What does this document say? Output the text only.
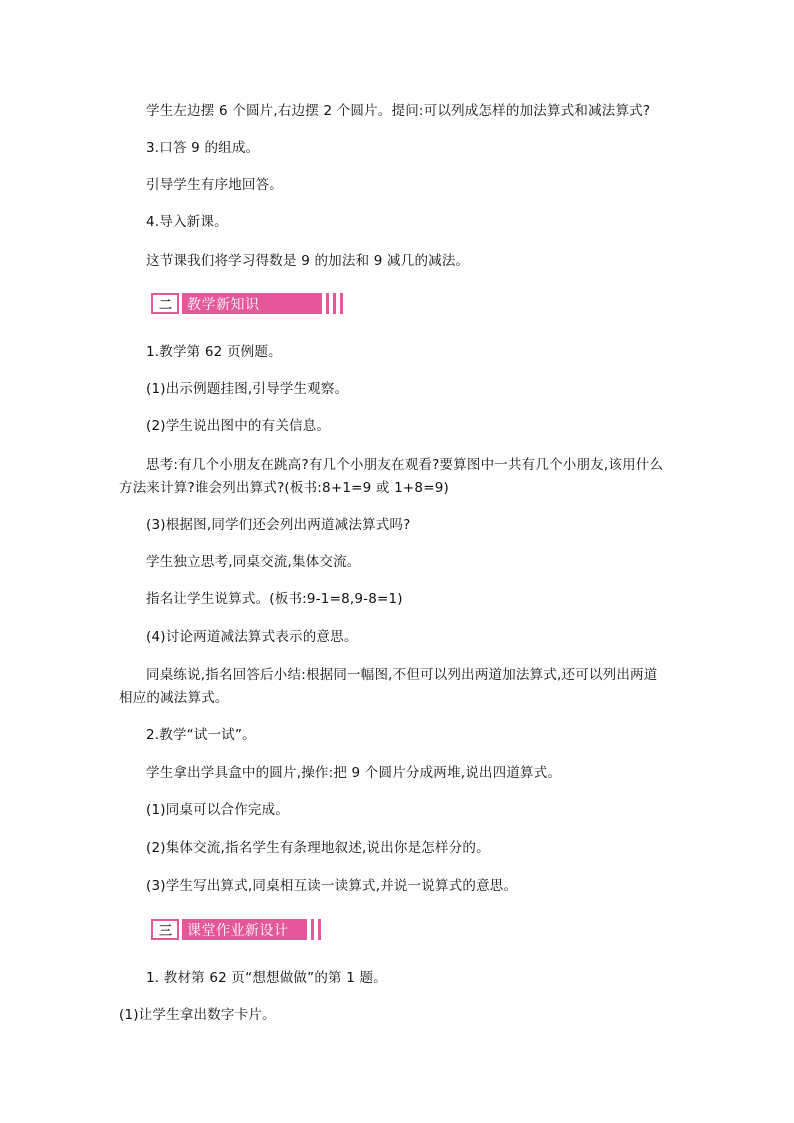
学生左边摆 6 个圆片,右边摆 2 个圆片。提问:可以列成怎样的加法算式和减法算式?
3.口答 9 的组成。
引导学生有序地回答。
4.导入新课。
这节课我们将学习得数是 9 的加法和 9 减几的减法。
二	教学新知识
1.教学第 62 页例题。
(1)出示例题挂图,引导学生观察。
(2)学生说出图中的有关信息。
思考:有几个小朋友在跳高?有几个小朋友在观看?要算图中一共有几个小朋友,该用什么
方法来计算?谁会列出算式?(板书:8+1=9 或 1+8=9)
(3)根据图,同学们还会列出两道减法算式吗?
学生独立思考,同桌交流,集体交流。
指名让学生说算式。(板书:9-1=8,9-8=1)
(4)讨论两道减法算式表示的意思。
同桌练说,指名回答后小结:根据同一幅图,不但可以列出两道加法算式,还可以列出两道
相应的减法算式。
2.教学“试一试”。
学生拿出学具盒中的圆片,操作:把 9 个圆片分成两堆,说出四道算式。
(1)同桌可以合作完成。
(2)集体交流,指名学生有条理地叙述,说出你是怎样分的。
(3)学生写出算式,同桌相互读一读算式,并说一说算式的意思。
三	课堂作业新设计
1. 教材第 62 页“想想做做”的第 1 题。
(1)让学生拿出数字卡片。
